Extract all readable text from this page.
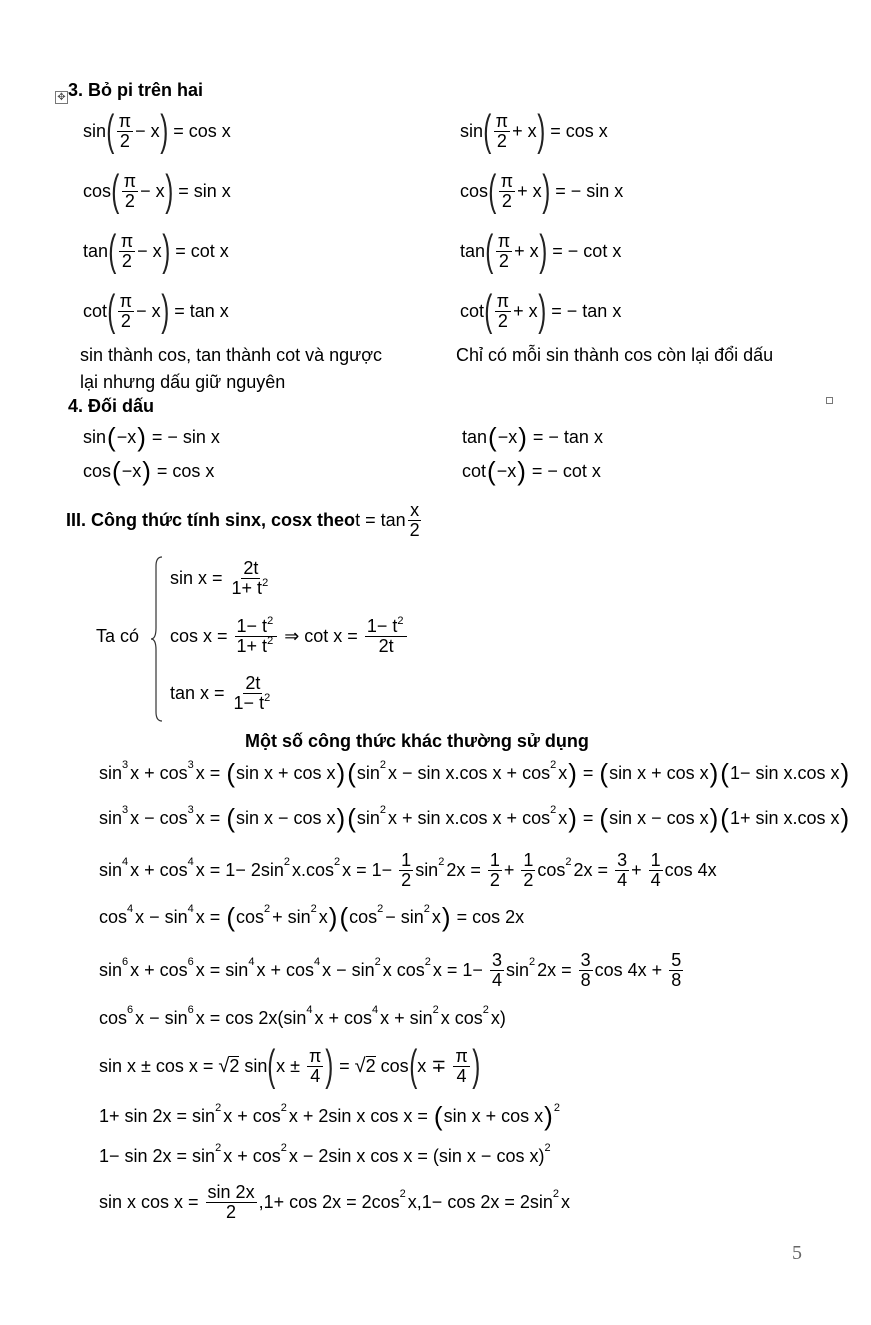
✥ 3. Bỏ pi trên hai
sin ( $\frac{\pi}{2} - x$ ) = cos x
cos ( $\frac{\pi}{2} - x$ ) = sin x
tan ( $\frac{\pi}{2} - x$ ) = cot x
cot ( $\frac{\pi}{2} - x$ ) = tan x
sin ( $\frac{\pi}{2} + x$ ) = cos x
cos ( $\frac{\pi}{2} + x$ ) = − sin x
tan ( $\frac{\pi}{2} + x$ ) = − cot x
cot ( $\frac{\pi}{2} + x$ ) = − tan x
sin thành cos, tan thành cot và ngược
lại nhưng dấu giữ nguyên
Chỉ có mỗi sin thành cos còn lại đổi dấu
4. Đối dấu
sin ( −x ) = − sin x	tan ( −x ) = − tan x
cos ( −x ) = cos x	cot ( −x ) = − cot x
III. Công thức tính sinx, cosx theo $t = \tan \frac{x}{2}$
Ta có
$\sin x = \frac{2t}{1+ t^2}$
$\cos x = \frac{1- t^2}{1+ t^2}$ ⇒ $\cot x = \frac{1- t^2}{2t}$
$\tan x = \frac{2t}{1- t^2}$
Một số công thức khác thường sử dụng
sin 3 x + cos 3 x = ( sin x + cos x ) ( sin 2 x − sin x.cos x + cos 2 x ) = ( sin x + cos x ) ( 1− sin x.cos x )
sin 3 x − cos 3 x = ( sin x − cos x ) ( sin 2 x + sin x.cos x + cos 2 x ) = ( sin x − cos x ) ( 1+ sin x.cos x )
sin 4 x + cos 4 x = 1− 2sin 2 x.cos 2 $x = 1- \frac{1}{2}$ sin 2 $2x = \frac{1}{2} + \frac{1}{2}$ cos 2 $2x = \frac{3}{4} + \frac{1}{4}$ cos 4x
cos 4 x − sin 4 x = ( cos 2 + sin 2 x ) ( cos 2 − sin 2 x ) = cos 2x
sin 6 x + cos 6 x = sin 4 x + cos 4 x − sin 2 x cos 2 $x = 1- \frac{3}{4}$ sin 2 $2x = \frac{3}{8}$ $\cos 4x + \frac{5}{8}$
cos 6 x − sin 6 x = cos 2x(sin 4 x + cos 4 x + sin 2 x cos 2 x)
sin x ± cos x = √ 2 sin ( $x \pm \frac{\pi}{4}$ ) = √ 2 cos ( $x \mp \frac{\pi}{4}$ )
1+ sin 2x = sin 2 x + cos 2 x + 2sin x cos x = ( sin x + cos x ) 2
1− sin 2x = sin 2 x + cos 2 x − 2sin x cos x = (sin x − cos x) 2
sin x $\cos x = \frac{\sin 2x}{2} ,1+ \cos 2x = 2\cos$ 2 x,1− cos 2x = 2sin 2 x
5
